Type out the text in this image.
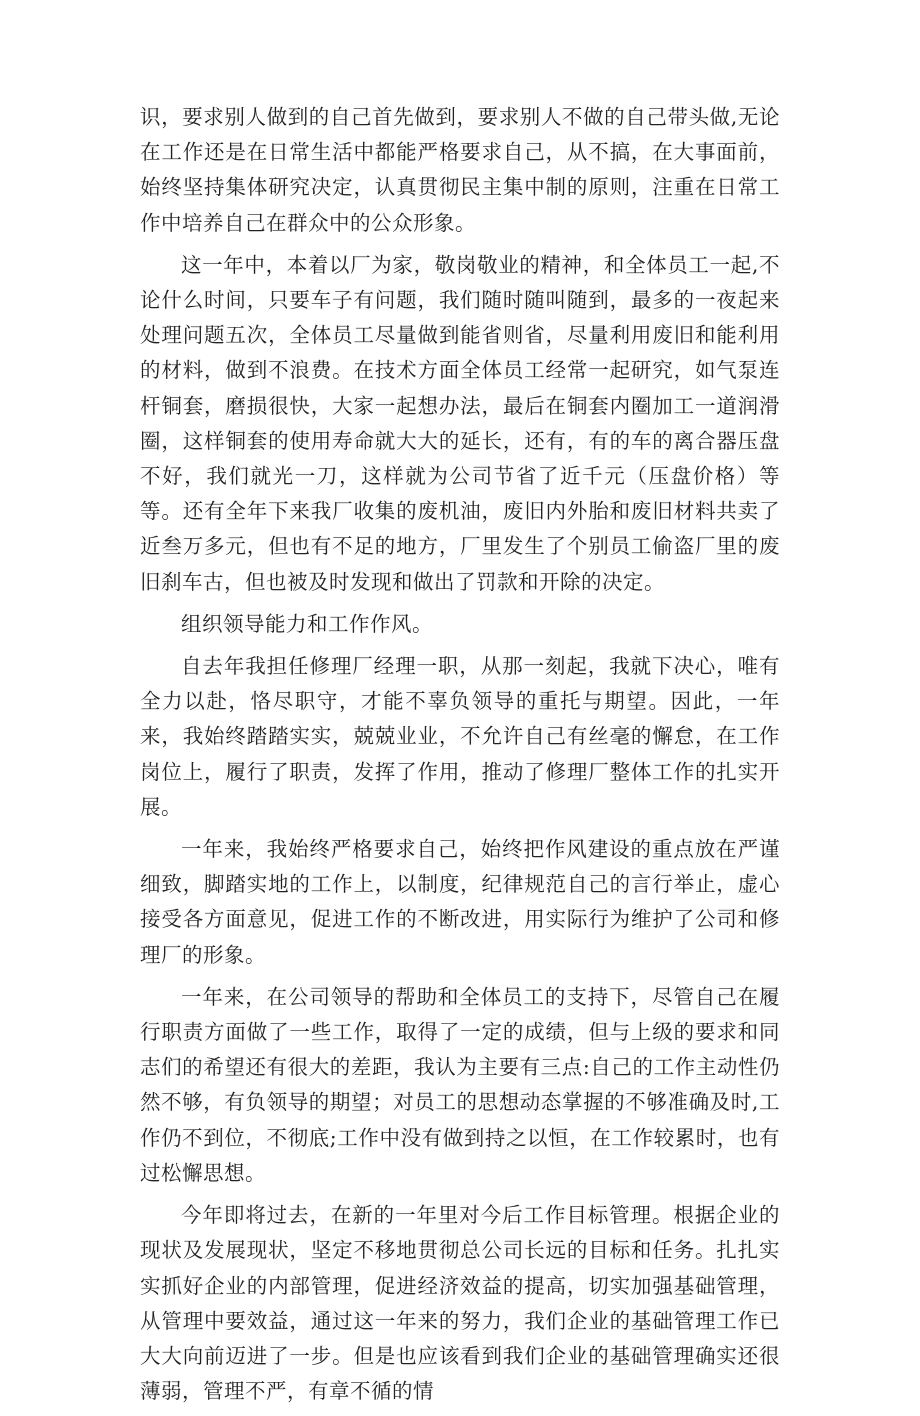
识，要求别人做到的自己首先做到，要求别人不做的自己带头做,无论在工作还是在日常生活中都能严格要求自己，从不搞，在大事面前，始终坚持集体研究决定，认真贯彻民主集中制的原则，注重在日常工作中培养自己在群众中的公众形象。

这一年中，本着以厂为家，敬岗敬业的精神，和全体员工一起,不论什么时间，只要车子有问题，我们随时随叫随到，最多的一夜起来处理问题五次，全体员工尽量做到能省则省，尽量利用废旧和能利用的材料，做到不浪费。在技术方面全体员工经常一起研究，如气泵连杆铜套，磨损很快，大家一起想办法，最后在铜套内圈加工一道润滑圈，这样铜套的使用寿命就大大的延长，还有，有的车的离合器压盘不好，我们就光一刀，这样就为公司节省了近千元（压盘价格）等等。还有全年下来我厂收集的废机油，废旧内外胎和废旧材料共卖了近叁万多元，但也有不足的地方，厂里发生了个别员工偷盗厂里的废旧刹车古，但也被及时发现和做出了罚款和开除的决定。

组织领导能力和工作作风。

自去年我担任修理厂经理一职，从那一刻起，我就下决心，唯有全力以赴，恪尽职守，才能不辜负领导的重托与期望。因此，一年来，我始终踏踏实实，兢兢业业，不允许自己有丝毫的懈怠，在工作岗位上，履行了职责，发挥了作用，推动了修理厂整体工作的扎实开展。

一年来，我始终严格要求自己，始终把作风建设的重点放在严谨细致，脚踏实地的工作上，以制度，纪律规范自己的言行举止，虚心接受各方面意见，促进工作的不断改进，用实际行为维护了公司和修理厂的形象。

一年来，在公司领导的帮助和全体员工的支持下，尽管自己在履行职责方面做了一些工作，取得了一定的成绩，但与上级的要求和同志们的希望还有很大的差距，我认为主要有三点:自己的工作主动性仍然不够，有负领导的期望；对员工的思想动态掌握的不够准确及时,工作仍不到位，不彻底;工作中没有做到持之以恒，在工作较累时，也有过松懈思想。

今年即将过去，在新的一年里对今后工作目标管理。根据企业的现状及发展现状，坚定不移地贯彻总公司长远的目标和任务。扎扎实实抓好企业的内部管理，促进经济效益的提高，切实加强基础管理，从管理中要效益，通过这一年来的努力，我们企业的基础管理工作已大大向前迈进了一步。但是也应该看到我们企业的基础管理确实还很薄弱，管理不严，有章不循的情
